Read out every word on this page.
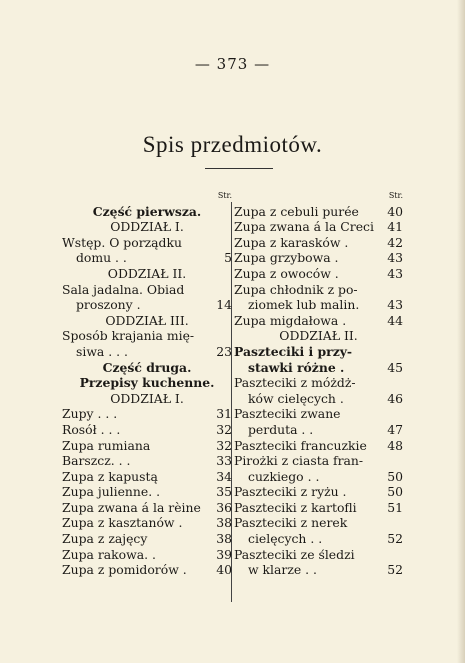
— 373 —
Spis przedmiotów.
Str.
Część pierwsza.
ODDZIAŁ I.
Wstęp. O porządku
domu . .	5
ODDZIAŁ II.
Sala jadalna. Obiad
proszony .	14
ODDZIAŁ III.
Sposób krajania mię-
siwa . . .	23
Część druga.
Przepisy kuchenne.
ODDZIAŁ I.
Zupy . . .	31
Rosół . . .	32
Zupa rumiana	32
Barszcz. . .	33
Zupa z kapustą	34
Zupa julienne. .	35
Zupa zwana á la rèine	36
Zupa z kasztanów .	38
Zupa z zajęcy	38
Zupa rakowa. .	39
Zupa z pomidorów .	40
Str.
Zupa z cebuli purée	40
Zupa zwana á la Creci	41
Zupa z karasków .	42
Zupa grzybowa .	43
Zupa z owoców .	43
Zupa chłodnik z po-
ziomek lub malin.	43
Zupa migdałowa .	44
ODDZIAŁ II.
Paszteciki i przy-
stawki różne .	45
Paszteciki z móżdż-
ków cielęcych .	46
Paszteciki zwane
perduta . .	47
Paszteciki francuzkie	48
Pirożki z ciasta fran-
cuzkiego . .	50
Paszteciki z ryżu .	50
Paszteciki z kartofli	51
Paszteciki z nerek
cielęcych . .	52
Paszteciki ze śledzi
w klarze . .	52
